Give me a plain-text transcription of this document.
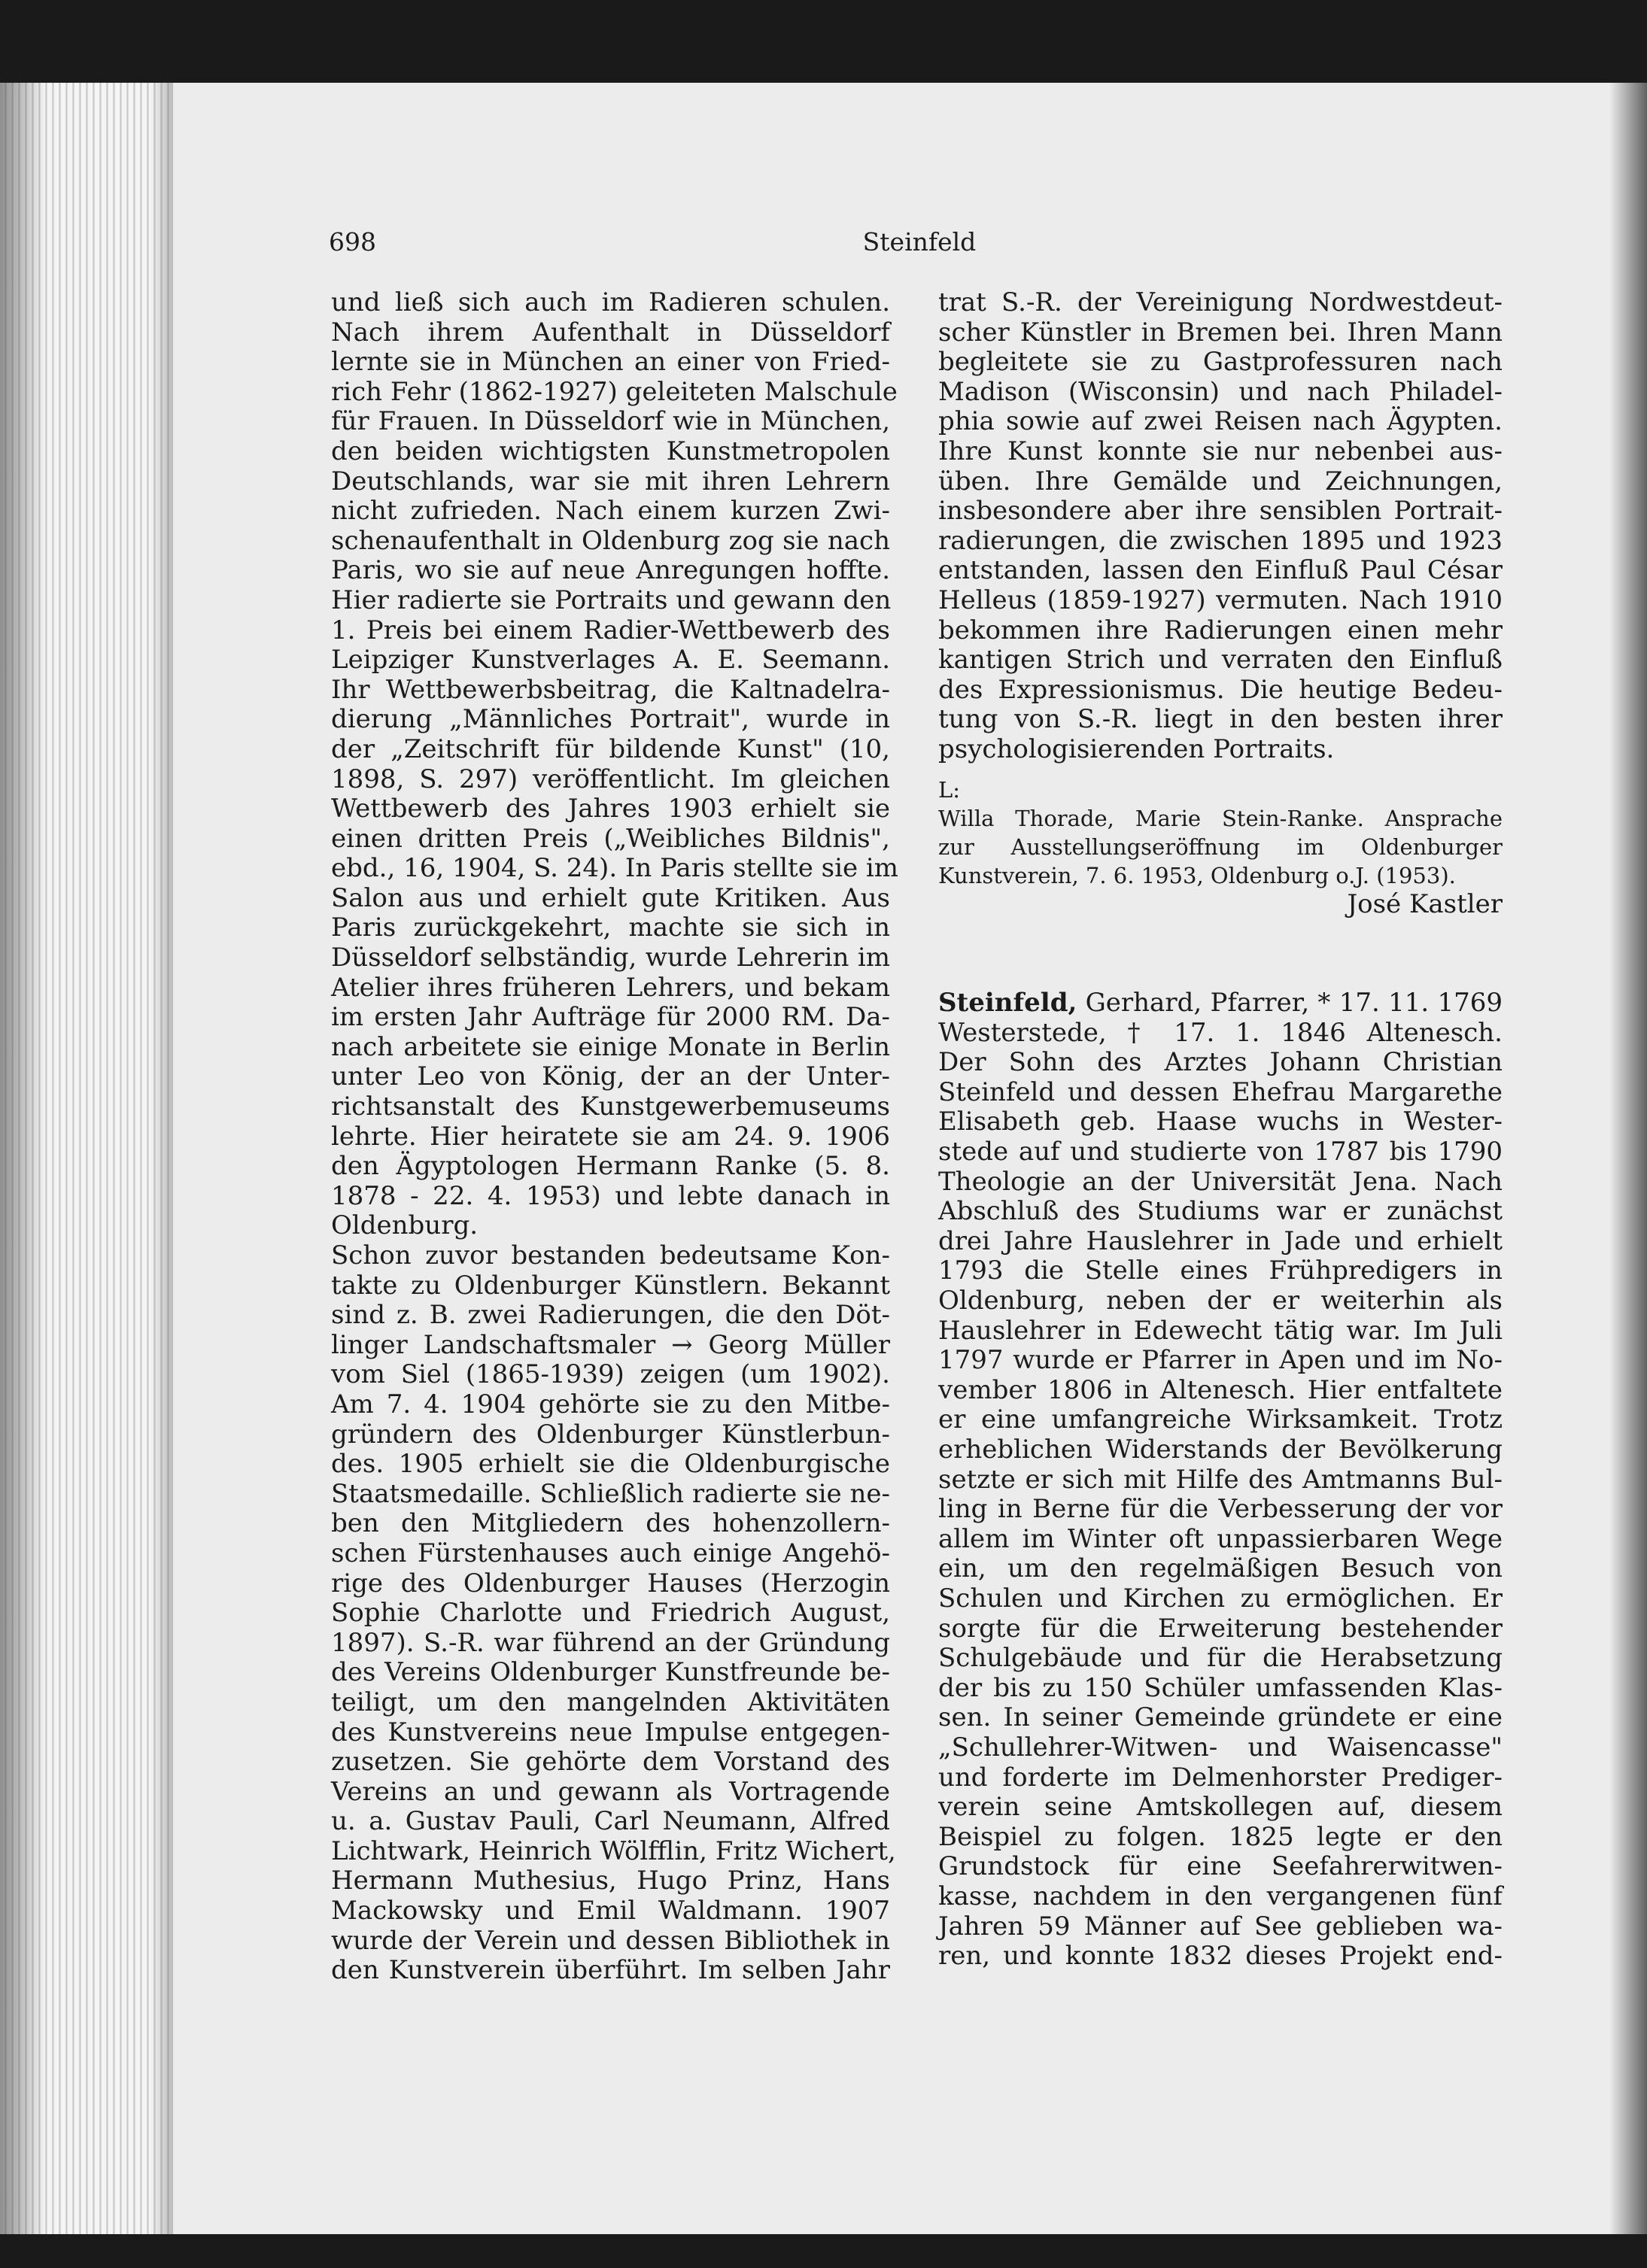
Steinfeld
698
und ließ sich auch im Radieren schulen.
Nach ihrem Aufenthalt in Düsseldorf
lernte sie in München an einer von Fried-
rich Fehr (1862-1927) geleiteten Malschule
für Frauen. In Düsseldorf wie in München,
den beiden wichtigsten Kunstmetropolen
Deutschlands, war sie mit ihren Lehrern
nicht zufrieden. Nach einem kurzen Zwi-
schenaufenthalt in Oldenburg zog sie nach
Paris, wo sie auf neue Anregungen hoffte.
Hier radierte sie Portraits und gewann den
1. Preis bei einem Radier-Wettbewerb des
Leipziger Kunstverlages A. E. Seemann.
Ihr Wettbewerbsbeitrag, die Kaltnadelra-
dierung „Männliches Portrait", wurde in
der „Zeitschrift für bildende Kunst" (10,
1898, S. 297) veröffentlicht. Im gleichen
Wettbewerb des Jahres 1903 erhielt sie
einen dritten Preis („Weibliches Bildnis",
ebd., 16, 1904, S. 24). In Paris stellte sie im
Salon aus und erhielt gute Kritiken. Aus
Paris zurückgekehrt, machte sie sich in
Düsseldorf selbständig, wurde Lehrerin im
Atelier ihres früheren Lehrers, und bekam
im ersten Jahr Aufträge für 2000 RM. Da-
nach arbeitete sie einige Monate in Berlin
unter Leo von König, der an der Unter-
richtsanstalt des Kunstgewerbemuseums
lehrte. Hier heiratete sie am 24. 9. 1906
den Ägyptologen Hermann Ranke (5. 8.
1878 - 22. 4. 1953) und lebte danach in
Oldenburg.
Schon zuvor bestanden bedeutsame Kon-
takte zu Oldenburger Künstlern. Bekannt
sind z. B. zwei Radierungen, die den Döt-
linger Landschaftsmaler → Georg Müller
vom Siel (1865-1939) zeigen (um 1902).
Am 7. 4. 1904 gehörte sie zu den Mitbe-
gründern des Oldenburger Künstlerbun-
des. 1905 erhielt sie die Oldenburgische
Staatsmedaille. Schließlich radierte sie ne-
ben den Mitgliedern des hohenzollern-
schen Fürstenhauses auch einige Angehö-
rige des Oldenburger Hauses (Herzogin
Sophie Charlotte und Friedrich August,
1897). S.-R. war führend an der Gründung
des Vereins Oldenburger Kunstfreunde be-
teiligt, um den mangelnden Aktivitäten
des Kunstvereins neue Impulse entgegen-
zusetzen. Sie gehörte dem Vorstand des
Vereins an und gewann als Vortragende
u. a. Gustav Pauli, Carl Neumann, Alfred
Lichtwark, Heinrich Wölfflin, Fritz Wichert,
Hermann Muthesius, Hugo Prinz, Hans
Mackowsky und Emil Waldmann. 1907
wurde der Verein und dessen Bibliothek in
den Kunstverein überführt. Im selben Jahr
trat S.-R. der Vereinigung Nordwestdeut-
scher Künstler in Bremen bei. Ihren Mann
begleitete sie zu Gastprofessuren nach
Madison (Wisconsin) und nach Philadel-
phia sowie auf zwei Reisen nach Ägypten.
Ihre Kunst konnte sie nur nebenbei aus-
üben. Ihre Gemälde und Zeichnungen,
insbesondere aber ihre sensiblen Portrait-
radierungen, die zwischen 1895 und 1923
entstanden, lassen den Einfluß Paul César
Helleus (1859-1927) vermuten. Nach 1910
bekommen ihre Radierungen einen mehr
kantigen Strich und verraten den Einfluß
des Expressionismus. Die heutige Bedeu-
tung von S.-R. liegt in den besten ihrer
psychologisierenden Portraits.
L:
Willa Thorade, Marie Stein-Ranke. Ansprache
zur Ausstellungseröffnung im Oldenburger
Kunstverein, 7. 6. 1953, Oldenburg o.J. (1953).
José Kastler
Steinfeld, Gerhard, Pfarrer, * 17. 11. 1769
Westerstede, † 17. 1. 1846 Altenesch.
Der Sohn des Arztes Johann Christian
Steinfeld und dessen Ehefrau Margarethe
Elisabeth geb. Haase wuchs in Wester-
stede auf und studierte von 1787 bis 1790
Theologie an der Universität Jena. Nach
Abschluß des Studiums war er zunächst
drei Jahre Hauslehrer in Jade und erhielt
1793 die Stelle eines Frühpredigers in
Oldenburg, neben der er weiterhin als
Hauslehrer in Edewecht tätig war. Im Juli
1797 wurde er Pfarrer in Apen und im No-
vember 1806 in Altenesch. Hier entfaltete
er eine umfangreiche Wirksamkeit. Trotz
erheblichen Widerstands der Bevölkerung
setzte er sich mit Hilfe des Amtmanns Bul-
ling in Berne für die Verbesserung der vor
allem im Winter oft unpassierbaren Wege
ein, um den regelmäßigen Besuch von
Schulen und Kirchen zu ermöglichen. Er
sorgte für die Erweiterung bestehender
Schulgebäude und für die Herabsetzung
der bis zu 150 Schüler umfassenden Klas-
sen. In seiner Gemeinde gründete er eine
„Schullehrer-Witwen- und Waisencasse"
und forderte im Delmenhorster Prediger-
verein seine Amtskollegen auf, diesem
Beispiel zu folgen. 1825 legte er den
Grundstock für eine Seefahrerwitwen-
kasse, nachdem in den vergangenen fünf
Jahren 59 Männer auf See geblieben wa-
ren, und konnte 1832 dieses Projekt end-
